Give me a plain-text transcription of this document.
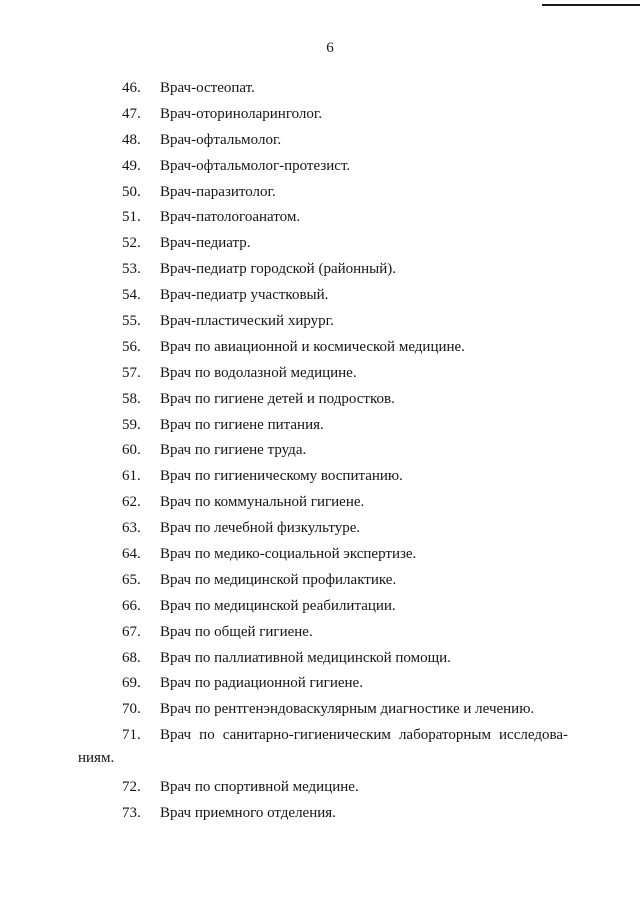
6
46. Врач-остеопат.
47. Врач-оториноларинголог.
48. Врач-офтальмолог.
49. Врач-офтальмолог-протезист.
50. Врач-паразитолог.
51. Врач-патологоанатом.
52. Врач-педиатр.
53. Врач-педиатр городской (районный).
54. Врач-педиатр участковый.
55. Врач-пластический хирург.
56. Врач по авиационной и космической медицине.
57. Врач по водолазной медицине.
58. Врач по гигиене детей и подростков.
59. Врач по гигиене питания.
60. Врач по гигиене труда.
61. Врач по гигиеническому воспитанию.
62. Врач по коммунальной гигиене.
63. Врач по лечебной физкультуре.
64. Врач по медико-социальной экспертизе.
65. Врач по медицинской профилактике.
66. Врач по медицинской реабилитации.
67. Врач по общей гигиене.
68. Врач по паллиативной медицинской помощи.
69. Врач по радиационной гигиене.
70. Врач по рентгенэндоваскулярным диагностике и лечению.
71. Врач по санитарно-гигиеническим лабораторным исследова-
ниям.
72. Врач по спортивной медицине.
73. Врач приемного отделения.
